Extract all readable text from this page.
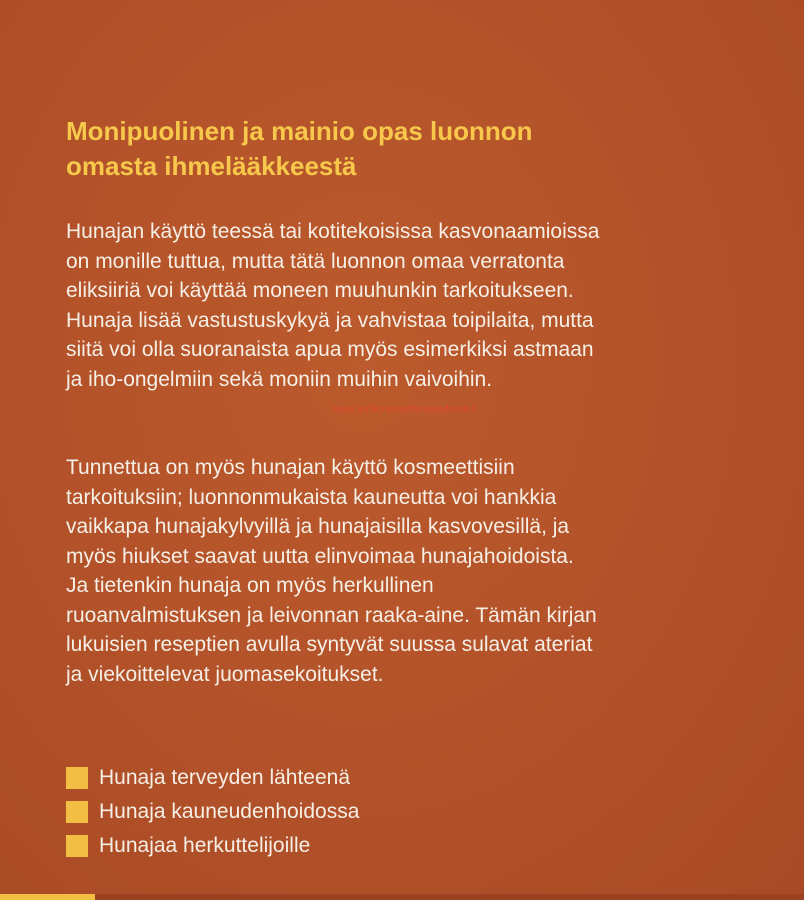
Monipuolinen ja mainio opas luonnon
omasta ihmelääkkeestä

Hunajan käyttö teessä tai kotitekoisissa kasvonaamioissa
on monille tuttua, mutta tätä luonnon omaa verratonta
eliksiiriä voi käyttää moneen muuhunkin tarkoitukseen.
Hunaja lisää vastustuskykyä ja vahvistaa toipilaita, mutta
siitä voi olla suoranaista apua myös esimerkiksi astmaan
ja iho-ongelmiin sekä moniin muihin vaivoihin.

www.antikvariaattimakedonia.fi

Tunnettua on myös hunajan käyttö kosmeettisiin
tarkoituksiin; luonnonmukaista kauneutta voi hankkia
vaikkapa hunajakylvyillä ja hunajaisilla kasvovesillä, ja
myös hiukset saavat uutta elinvoimaa hunajahoidoista.
Ja tietenkin hunaja on myös herkullinen
ruoanvalmistuksen ja leivonnan raaka-aine. Tämän kirjan
lukuisien reseptien avulla syntyvät suussa sulavat ateriat
ja viekoittelevat juomasekoitukset.

Hunaja terveyden lähteenä
Hunaja kauneudenhoidossa
Hunajaa herkuttelijoille
